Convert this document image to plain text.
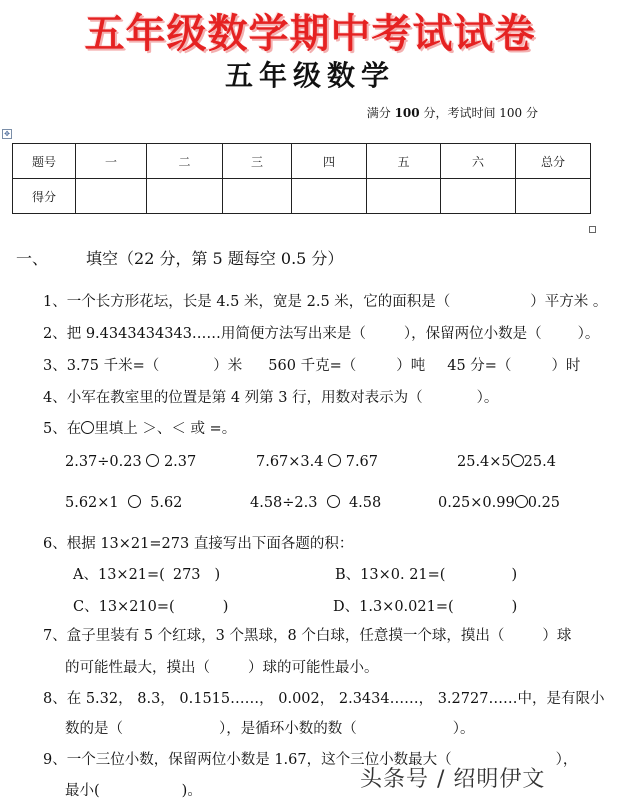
五年级数学期中考试试卷
五年级数学
满分 100 分，考试时间 100 分
✥
题号	一	二	三	四	五	六	总分
得分							
一、 填空（22 分，第 5 题每空 0.5 分）
1、一个长方形花坛，长是 4.5 米，宽是 2.5 米，它的面积是（	）平方米 。
2、把 9.4343434343……用简便方法写出来是（	），保留两位小数是（ ）。
3、3.75 千米=（	）米 560 千克=（	）吨 45 分=（	）时
4、小军在教室里的位置是第 4 列第 3 行，用数对表示为（	）。
5、在 里填上 ＞、＜ 或 =。
2.37÷0.23 2.37	7.67×3.4 7.67	25.4×5 25.4
5.62×1 5.62	4.58÷2.3 4.58	0.25×0.99 0.25
6、根据 13×21=273 直接写出下面各题的积：
A、13×21=( 273 )	B、13×0. 21=(	)
C、13×210=(	)	D、1.3×0.021=(	)
7、盒子里装有 5 个红球，3 个黑球，8 个白球，任意摸一个球，摸出（	）球
的可能性最大，摸出（	）球的可能性最小。
8、在 5.32， 8.3， 0.1515……， 0.002， 2.3434……， 3.2727……中，是有限小
数的是（	），是循环小数的数（	）。
9、一个三位小数，保留两位小数是 1.67，这个三位小数最大（	），
最小(	)。	头条号 / 绍明伊文
